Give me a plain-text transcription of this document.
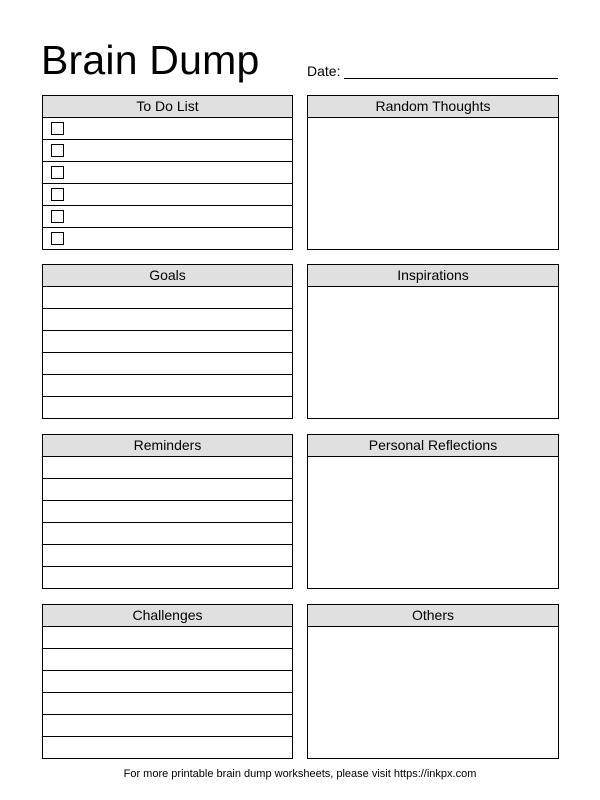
Brain Dump	Date:
To Do List	Random Thoughts
Goals	Inspirations
Reminders	Personal Reflections
Challenges	Others
For more printable brain dump worksheets, please visit https://inkpx.com
